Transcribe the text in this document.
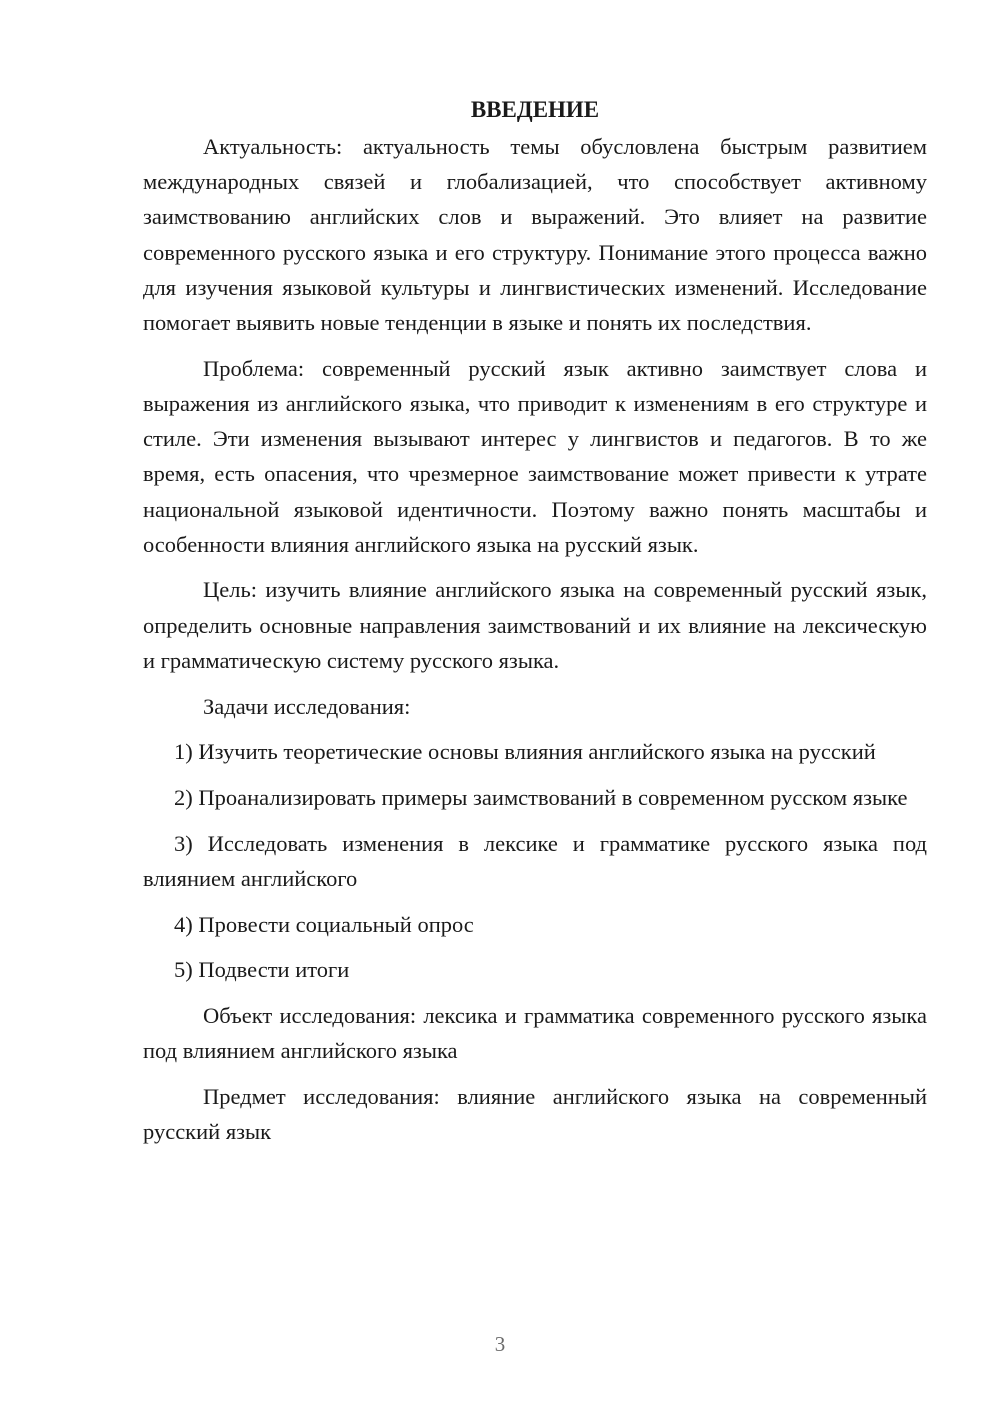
ВВЕДЕНИЕ

Актуальность: актуальность темы обусловлена быстрым развитием международных связей и глобализацией, что способствует активному заимствованию английских слов и выражений. Это влияет на развитие современного русского языка и его структуру. Понимание этого процесса важно для изучения языковой культуры и лингвистических изменений. Исследование помогает выявить новые тенденции в языке и понять их последствия.

Проблема: современный русский язык активно заимствует слова и выражения из английского языка, что приводит к изменениям в его структуре и стиле. Эти изменения вызывают интерес у лингвистов и педагогов. В то же время, есть опасения, что чрезмерное заимствование может привести к утрате национальной языковой идентичности. Поэтому важно понять масштабы и особенности влияния английского языка на русский язык.

Цель: изучить влияние английского языка на современный русский язык, определить основные направления заимствований и их влияние на лексическую и грамматическую систему русского языка.

Задачи исследования:

1) Изучить теоретические основы влияния английского языка на русский

2) Проанализировать примеры заимствований в современном русском языке

3) Исследовать изменения в лексике и грамматике русского языка под влиянием английского

4) Провести социальный опрос

5) Подвести итоги

Объект исследования: лексика и грамматика современного русского языка под влиянием английского языка

Предмет исследования: влияние английского языка на современный русский язык

3
